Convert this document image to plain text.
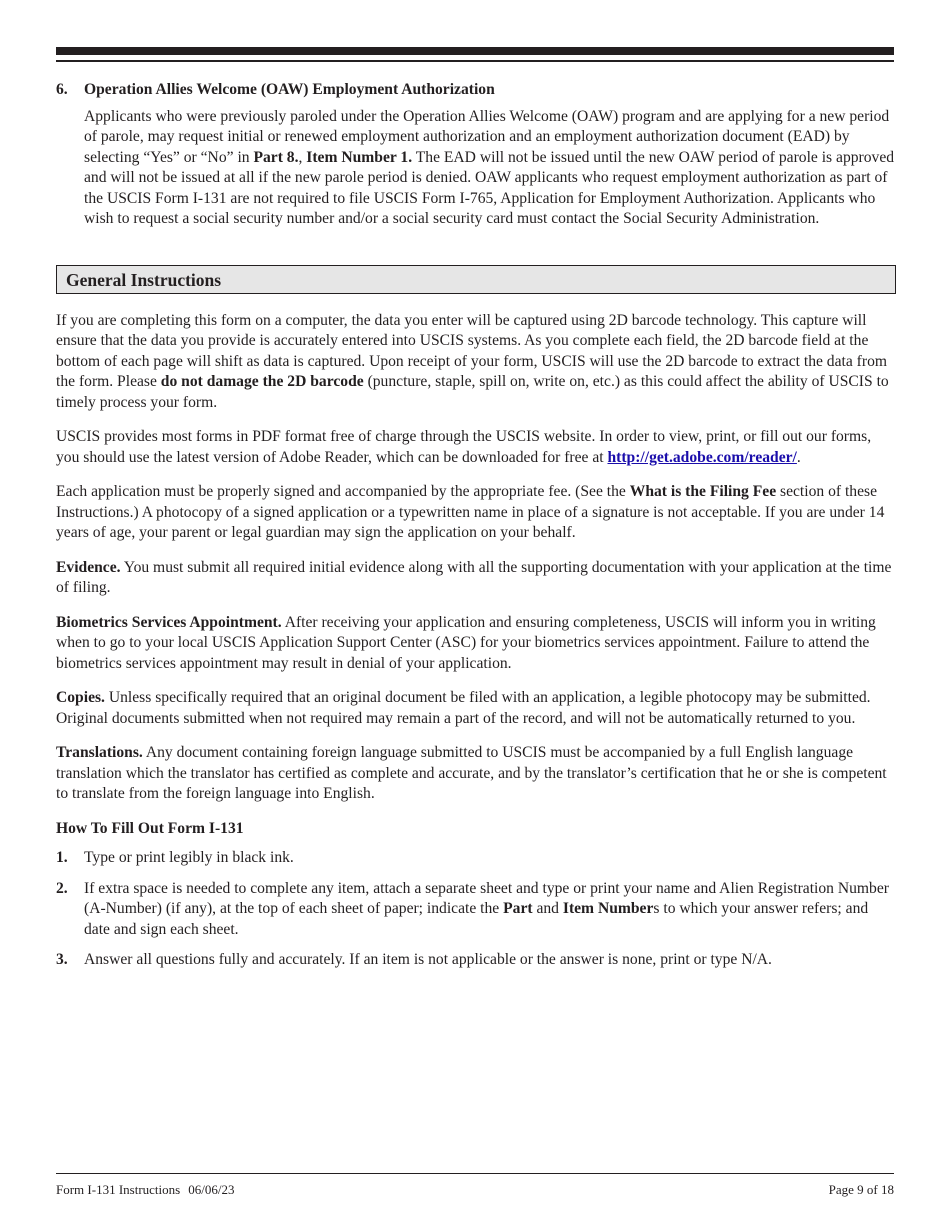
6.	Operation Allies Welcome (OAW) Employment Authorization

Applicants who were previously paroled under the Operation Allies Welcome (OAW) program and are applying for a new period of parole, may request initial or renewed employment authorization and an employment authorization document (EAD) by selecting “Yes” or “No” in Part 8., Item Number 1. The EAD will not be issued until the new OAW period of parole is approved and will not be issued at all if the new parole period is denied. OAW applicants who request employment authorization as part of the USCIS Form I-131 are not required to file USCIS Form I-765, Application for Employment Authorization. Applicants who wish to request a social security number and/or a social security card must contact the Social Security Administration.

General Instructions

If you are completing this form on a computer, the data you enter will be captured using 2D barcode technology. This capture will ensure that the data you provide is accurately entered into USCIS systems. As you complete each field, the 2D barcode field at the bottom of each page will shift as data is captured. Upon receipt of your form, USCIS will use the 2D barcode to extract the data from the form. Please do not damage the 2D barcode (puncture, staple, spill on, write on, etc.) as this could affect the ability of USCIS to timely process your form.

USCIS provides most forms in PDF format free of charge through the USCIS website. In order to view, print, or fill out our forms, you should use the latest version of Adobe Reader, which can be downloaded for free at http://get.adobe.com/reader/.

Each application must be properly signed and accompanied by the appropriate fee. (See the What is the Filing Fee section of these Instructions.) A photocopy of a signed application or a typewritten name in place of a signature is not acceptable. If you are under 14 years of age, your parent or legal guardian may sign the application on your behalf.

Evidence. You must submit all required initial evidence along with all the supporting documentation with your application at the time of filing.

Biometrics Services Appointment. After receiving your application and ensuring completeness, USCIS will inform you in writing when to go to your local USCIS Application Support Center (ASC) for your biometrics services appointment. Failure to attend the biometrics services appointment may result in denial of your application.

Copies. Unless specifically required that an original document be filed with an application, a legible photocopy may be submitted. Original documents submitted when not required may remain a part of the record, and will not be automatically returned to you.

Translations. Any document containing foreign language submitted to USCIS must be accompanied by a full English language translation which the translator has certified as complete and accurate, and by the translator’s certification that he or she is competent to translate from the foreign language into English.

How To Fill Out Form I-131

1.	Type or print legibly in black ink.
2.	If extra space is needed to complete any item, attach a separate sheet and type or print your name and Alien Registration Number (A-Number) (if any), at the top of each sheet of paper; indicate the Part and Item Numbers to which your answer refers; and date and sign each sheet.
3.	Answer all questions fully and accurately. If an item is not applicable or the answer is none, print or type N/A.
Form I-131 Instructions 06/06/23	Page 9 of 18
